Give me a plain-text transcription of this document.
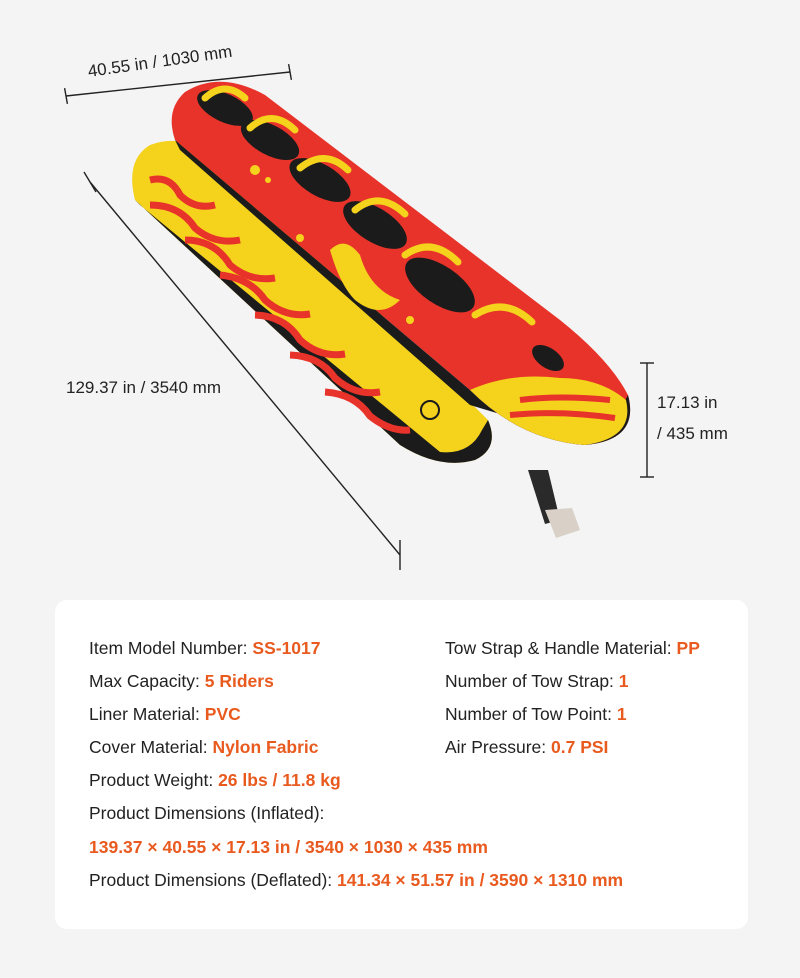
40.55 in / 1030 mm
129.37 in / 3540 mm
17.13 in
/ 435 mm
Item Model Number: SS-1017
Max Capacity: 5 Riders
Liner Material: PVC
Cover Material: Nylon Fabric
Product Weight: 26 lbs / 11.8 kg
Product Dimensions (Inflated):
139.37 × 40.55 × 17.13 in / 3540 × 1030 × 435 mm
Product Dimensions (Deflated): 141.34 × 51.57 in / 3590 × 1310 mm
Tow Strap & Handle Material: PP
Number of Tow Strap: 1
Number of Tow Point: 1
Air Pressure: 0.7 PSI
